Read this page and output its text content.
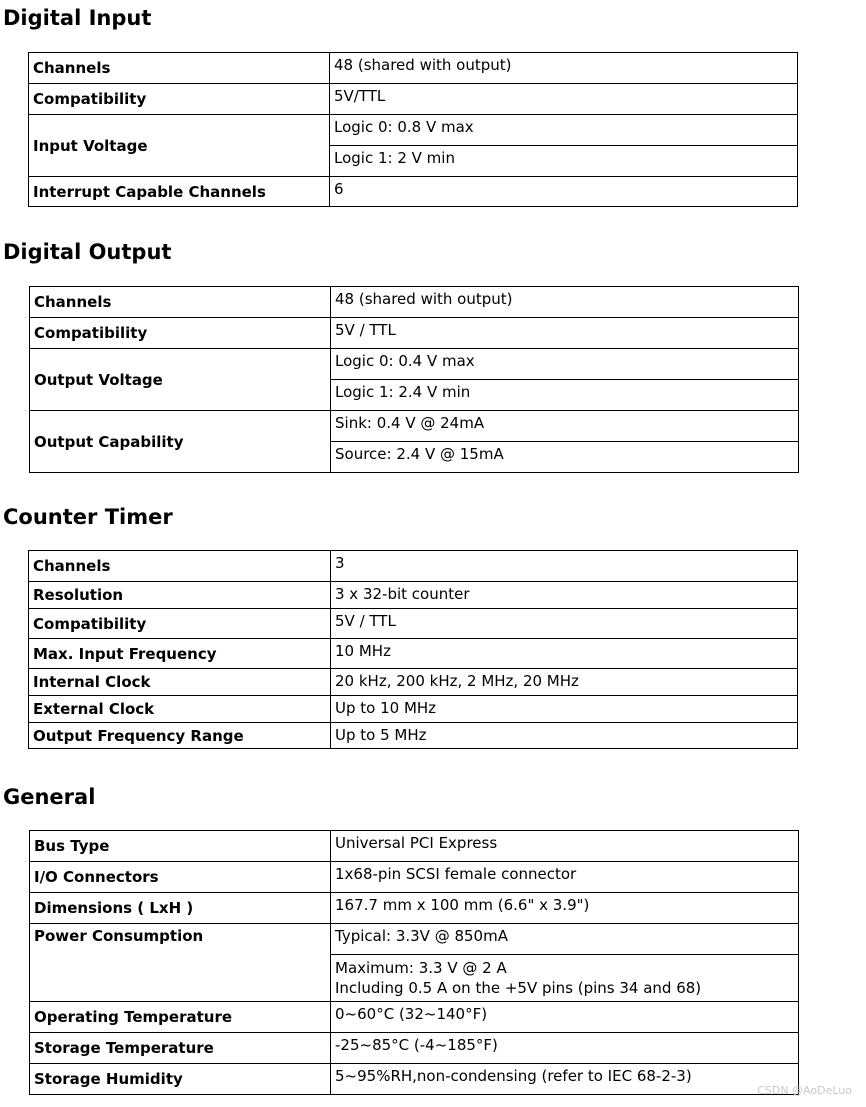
Digital Input
Channels	48 (shared with output)
Compatibility	5V/TTL
Input Voltage	Logic 0: 0.8 V max
	Logic 1: 2 V min
Interrupt Capable Channels	6
Digital Output
Channels	48 (shared with output)
Compatibility	5V / TTL
Output Voltage	Logic 0: 0.4 V max
	Logic 1: 2.4 V min
Output Capability	Sink: 0.4 V @ 24mA
	Source: 2.4 V @ 15mA
Counter Timer
Channels	3
Resolution	3 x 32-bit counter
Compatibility	5V / TTL
Max. Input Frequency	10 MHz
Internal Clock	20 kHz, 200 kHz, 2 MHz, 20 MHz
External Clock	Up to 10 MHz
Output Frequency Range	Up to 5 MHz
General
Bus Type	Universal PCI Express
I/O Connectors	1x68-pin SCSI female connector
Dimensions ( LxH )	167.7 mm x 100 mm (6.6" x 3.9")
Power Consumption	Typical: 3.3V @ 850mA

	Maximum: 3.3 V @ 2 A
Including 0.5 A on the +5V pins (pins 34 and 68)

Operating Temperature	0~60°C (32~140°F)
Storage Temperature	-25~85°C (-4~185°F)
Storage Humidity	5~95%RH,non-condensing (refer to IEC 68-2-3)
CSDN @AoDeLuo
